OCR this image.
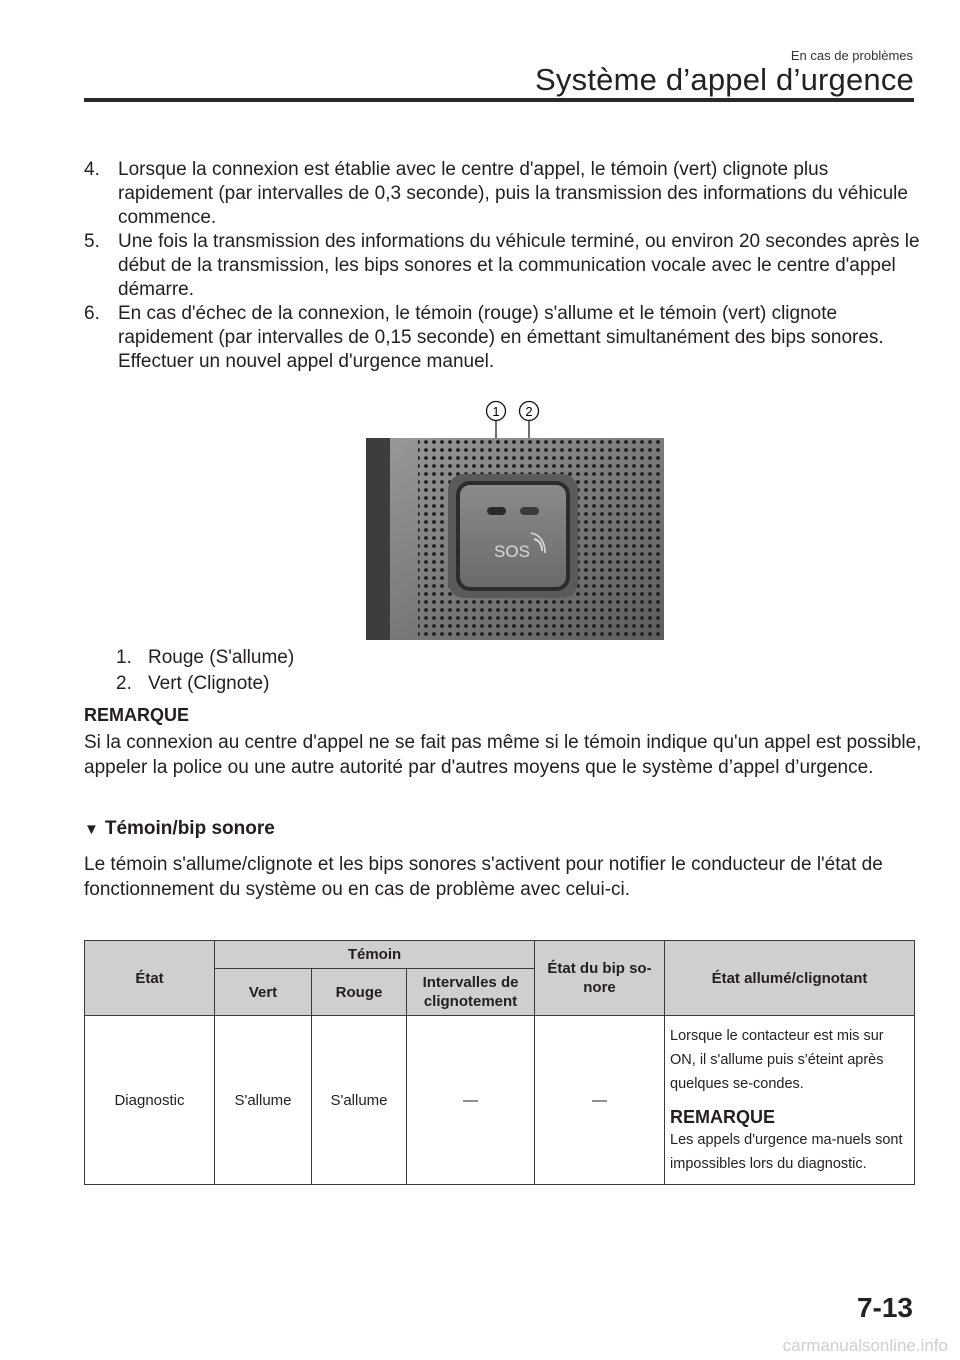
En cas de problèmes
Système d’appel d’urgence
4. Lorsque la connexion est établie avec le centre d'appel, le témoin (vert) clignote plus rapidement (par intervalles de 0,3 seconde), puis la transmission des informations du véhicule commence.

5. Une fois la transmission des informations du véhicule terminé, ou environ 20 secondes après le début de la transmission, les bips sonores et la communication vocale avec le centre d'appel démarre.

6. En cas d'échec de la connexion, le témoin (rouge) s'allume et le témoin (vert) clignote rapidement (par intervalles de 0,15 seconde) en émettant simultanément des bips sonores.

Effectuer un nouvel appel d'urgence manuel.

1 2
SOS
1. Rouge (S'allume)
2. Vert (Clignote)
REMARQUE
Si la connexion au centre d'appel ne se fait pas même si le témoin indique qu'un appel est possible, appeler la police ou une autre autorité par d'autres moyens que le système d’appel d’urgence.
▼ Témoin/bip sonore
Le témoin s'allume/clignote et les bips sonores s'activent pour notifier le conducteur de l'état de fonctionnement du système ou en cas de problème avec celui-ci.
État	Témoin			État du bip so-nore	État allumé/clignotant
	Vert	Rouge	Intervalles de clignotement		
Diagnostic	S'allume	S'allume	—	—	Lorsque le contacteur est mis sur ON, il s'allume puis s'éteint après quelques se-condes.
REMARQUE
Les appels d'urgence ma-nuels sont impossibles lors du diagnostic.
7-13
carmanualsonline.info
